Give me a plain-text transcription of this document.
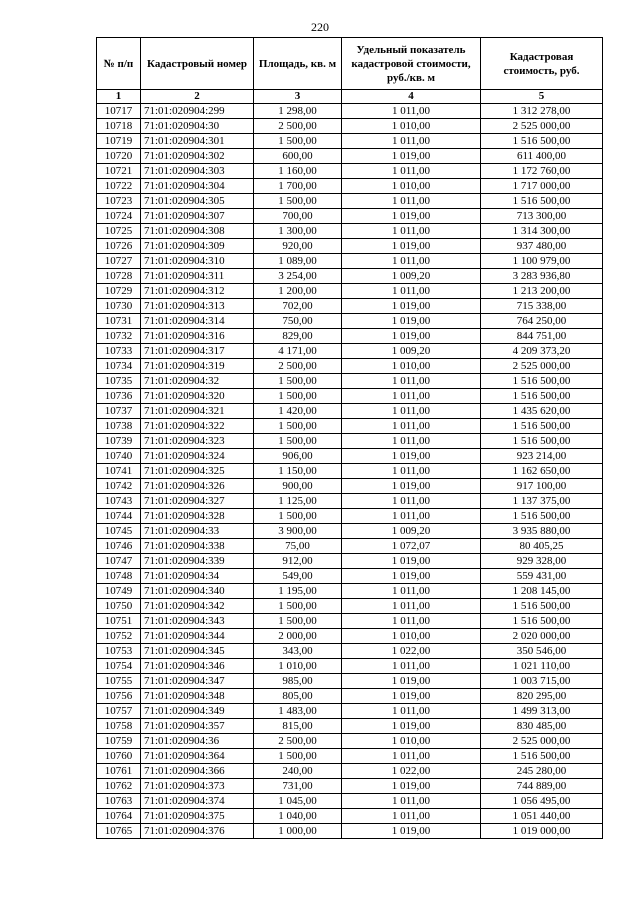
220
№ п/п	Кадастровый номер	Площадь, кв. м	Удельный показатель кадастровой стоимости, руб./кв. м	Кадастровая стоимость, руб.
1	2	3	4	5
10717	71:01:020904:299	1 298,00	1 011,00	1 312 278,00
10718	71:01:020904:30	2 500,00	1 010,00	2 525 000,00
10719	71:01:020904:301	1 500,00	1 011,00	1 516 500,00
10720	71:01:020904:302	600,00	1 019,00	611 400,00
10721	71:01:020904:303	1 160,00	1 011,00	1 172 760,00
10722	71:01:020904:304	1 700,00	1 010,00	1 717 000,00
10723	71:01:020904:305	1 500,00	1 011,00	1 516 500,00
10724	71:01:020904:307	700,00	1 019,00	713 300,00
10725	71:01:020904:308	1 300,00	1 011,00	1 314 300,00
10726	71:01:020904:309	920,00	1 019,00	937 480,00
10727	71:01:020904:310	1 089,00	1 011,00	1 100 979,00
10728	71:01:020904:311	3 254,00	1 009,20	3 283 936,80
10729	71:01:020904:312	1 200,00	1 011,00	1 213 200,00
10730	71:01:020904:313	702,00	1 019,00	715 338,00
10731	71:01:020904:314	750,00	1 019,00	764 250,00
10732	71:01:020904:316	829,00	1 019,00	844 751,00
10733	71:01:020904:317	4 171,00	1 009,20	4 209 373,20
10734	71:01:020904:319	2 500,00	1 010,00	2 525 000,00
10735	71:01:020904:32	1 500,00	1 011,00	1 516 500,00
10736	71:01:020904:320	1 500,00	1 011,00	1 516 500,00
10737	71:01:020904:321	1 420,00	1 011,00	1 435 620,00
10738	71:01:020904:322	1 500,00	1 011,00	1 516 500,00
10739	71:01:020904:323	1 500,00	1 011,00	1 516 500,00
10740	71:01:020904:324	906,00	1 019,00	923 214,00
10741	71:01:020904:325	1 150,00	1 011,00	1 162 650,00
10742	71:01:020904:326	900,00	1 019,00	917 100,00
10743	71:01:020904:327	1 125,00	1 011,00	1 137 375,00
10744	71:01:020904:328	1 500,00	1 011,00	1 516 500,00
10745	71:01:020904:33	3 900,00	1 009,20	3 935 880,00
10746	71:01:020904:338	75,00	1 072,07	80 405,25
10747	71:01:020904:339	912,00	1 019,00	929 328,00
10748	71:01:020904:34	549,00	1 019,00	559 431,00
10749	71:01:020904:340	1 195,00	1 011,00	1 208 145,00
10750	71:01:020904:342	1 500,00	1 011,00	1 516 500,00
10751	71:01:020904:343	1 500,00	1 011,00	1 516 500,00
10752	71:01:020904:344	2 000,00	1 010,00	2 020 000,00
10753	71:01:020904:345	343,00	1 022,00	350 546,00
10754	71:01:020904:346	1 010,00	1 011,00	1 021 110,00
10755	71:01:020904:347	985,00	1 019,00	1 003 715,00
10756	71:01:020904:348	805,00	1 019,00	820 295,00
10757	71:01:020904:349	1 483,00	1 011,00	1 499 313,00
10758	71:01:020904:357	815,00	1 019,00	830 485,00
10759	71:01:020904:36	2 500,00	1 010,00	2 525 000,00
10760	71:01:020904:364	1 500,00	1 011,00	1 516 500,00
10761	71:01:020904:366	240,00	1 022,00	245 280,00
10762	71:01:020904:373	731,00	1 019,00	744 889,00
10763	71:01:020904:374	1 045,00	1 011,00	1 056 495,00
10764	71:01:020904:375	1 040,00	1 011,00	1 051 440,00
10765	71:01:020904:376	1 000,00	1 019,00	1 019 000,00
